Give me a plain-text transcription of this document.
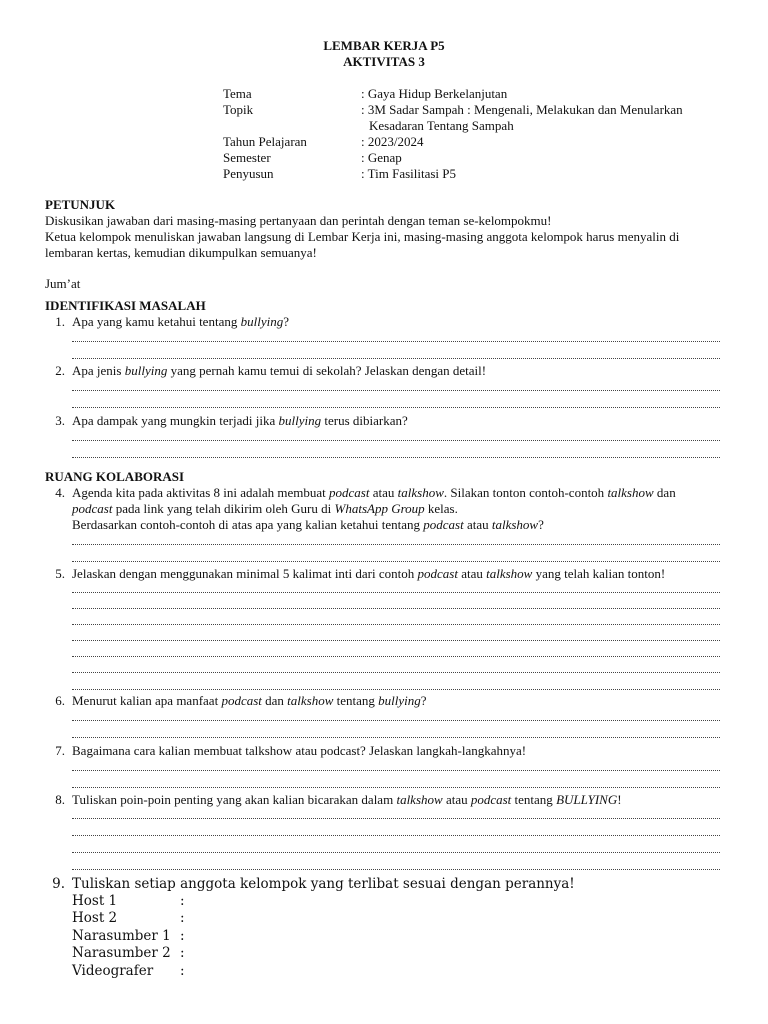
LEMBAR KERJA P5
AKTIVITAS 3
Tema	: Gaya Hidup Berkelanjutan
Topik	: 3M Sadar Sampah : Mengenali, Melakukan dan Menularkan
Kesadaran Tentang Sampah
Tahun Pelajaran	: 2023/2024
Semester	: Genap
Penyusun	: Tim Fasilitasi P5
PETUNJUK
Diskusikan jawaban dari masing-masing pertanyaan dan perintah dengan teman se-kelompokmu!
Ketua kelompok menuliskan jawaban langsung di Lembar Kerja ini, masing-masing anggota kelompok harus menyalin di
lembaran kertas, kemudian dikumpulkan semuanya!
Jum’at
IDENTIFIKASI MASALAH
1. Apa yang kamu ketahui tentang bullying?
2. Apa jenis bullying yang pernah kamu temui di sekolah? Jelaskan dengan detail!
3. Apa dampak yang mungkin terjadi jika bullying terus dibiarkan?
RUANG KOLABORASI
4. Agenda kita pada aktivitas 8 ini adalah membuat podcast atau talkshow. Silakan tonton contoh-contoh talkshow dan
podcast pada link yang telah dikirim oleh Guru di WhatsApp Group kelas.
Berdasarkan contoh-contoh di atas apa yang kalian ketahui tentang podcast atau talkshow?
5. Jelaskan dengan menggunakan minimal 5 kalimat inti dari contoh podcast atau talkshow yang telah kalian tonton!
6. Menurut kalian apa manfaat podcast dan talkshow tentang bullying?
7. Bagaimana cara kalian membuat talkshow atau podcast? Jelaskan langkah-langkahnya!
8. Tuliskan poin-poin penting yang akan kalian bicarakan dalam talkshow atau podcast tentang BULLYING!
9. Tuliskan setiap anggota kelompok yang terlibat sesuai dengan perannya!
Host 1	:
Host 2	:
Narasumber 1 :
Narasumber 2 :
Videografer	:
